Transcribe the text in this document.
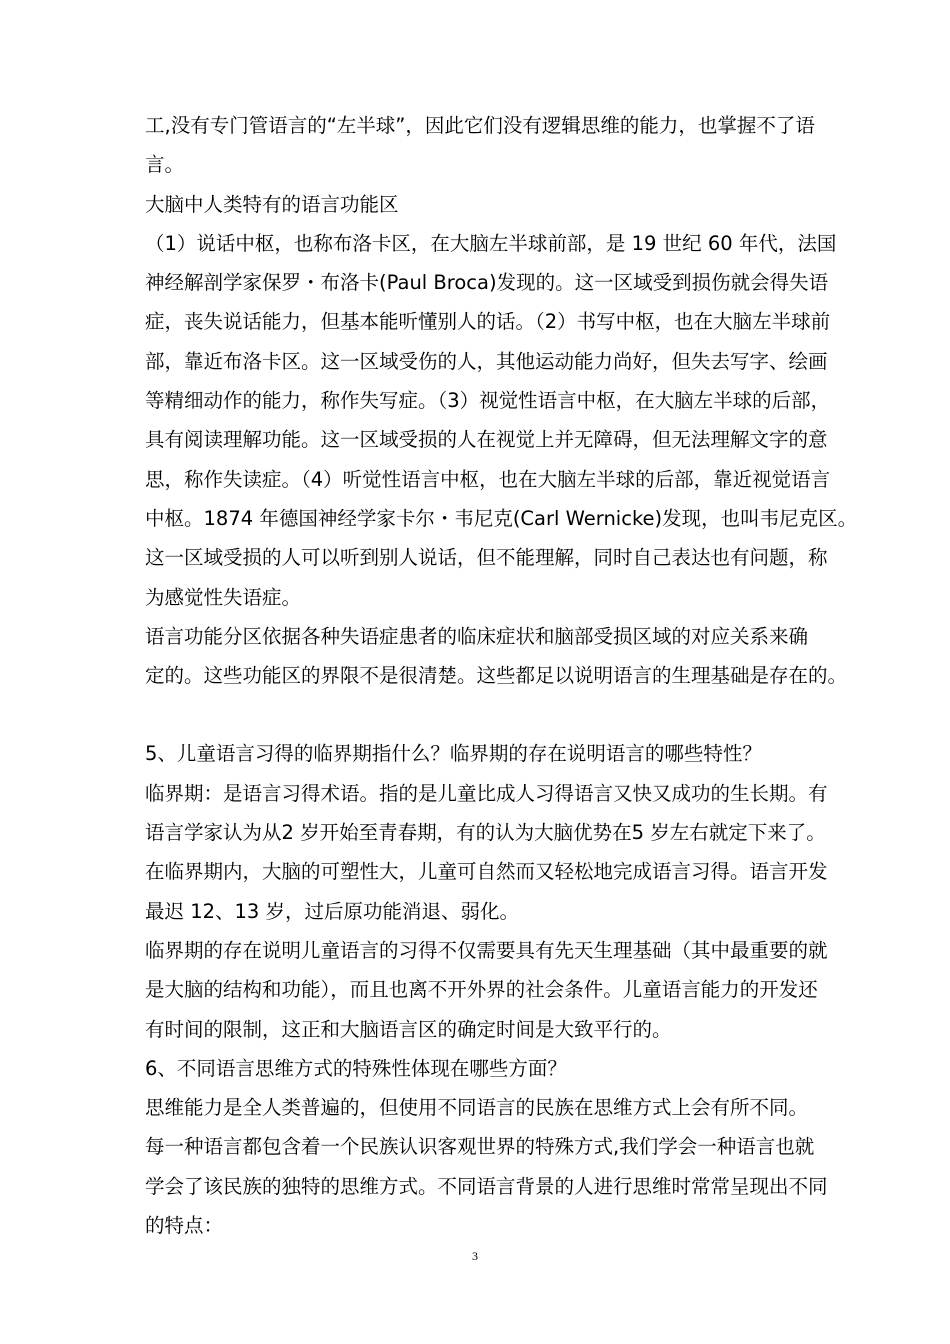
工,没有专门管语言的“左半球”，因此它们没有逻辑思维的能力，也掌握不了语

言。

大脑中人类特有的语言功能区

（1）说话中枢，也称布洛卡区，在大脑左半球前部，是 19 世纪 60 年代，法国

神经解剖学家保罗・布洛卡(Paul Broca)发现的。这一区域受到损伤就会得失语

症，丧失说话能力，但基本能听懂别人的话。（2）书写中枢，也在大脑左半球前

部，靠近布洛卡区。这一区域受伤的人，其他运动能力尚好，但失去写字、绘画

等精细动作的能力，称作失写症。（3）视觉性语言中枢，在大脑左半球的后部，

具有阅读理解功能。这一区域受损的人在视觉上并无障碍，但无法理解文字的意

思，称作失读症。（4）听觉性语言中枢，也在大脑左半球的后部，靠近视觉语言

中枢。1874 年德国神经学家卡尔・韦尼克(Carl Wernicke)发现，也叫韦尼克区。

这一区域受损的人可以听到别人说话，但不能理解，同时自己表达也有问题，称

为感觉性失语症。

语言功能分区依据各种失语症患者的临床症状和脑部受损区域的对应关系来确

定的。这些功能区的界限不是很清楚。这些都足以说明语言的生理基础是存在的。

5、儿童语言习得的临界期指什么？临界期的存在说明语言的哪些特性？

临界期：是语言习得术语。指的是儿童比成人习得语言又快又成功的生长期。有

语言学家认为从2 岁开始至青春期，有的认为大脑优势在5 岁左右就定下来了。

在临界期内，大脑的可塑性大，儿童可自然而又轻松地完成语言习得。语言开发

最迟 12、13 岁，过后原功能消退、弱化。

临界期的存在说明儿童语言的习得不仅需要具有先天生理基础（其中最重要的就

是大脑的结构和功能），而且也离不开外界的社会条件。儿童语言能力的开发还

有时间的限制，这正和大脑语言区的确定时间是大致平行的。

6、不同语言思维方式的特殊性体现在哪些方面？

思维能力是全人类普遍的，但使用不同语言的民族在思维方式上会有所不同。

每一种语言都包含着一个民族认识客观世界的特殊方式,我们学会一种语言也就

学会了该民族的独特的思维方式。不同语言背景的人进行思维时常常呈现出不同

的特点：

3
